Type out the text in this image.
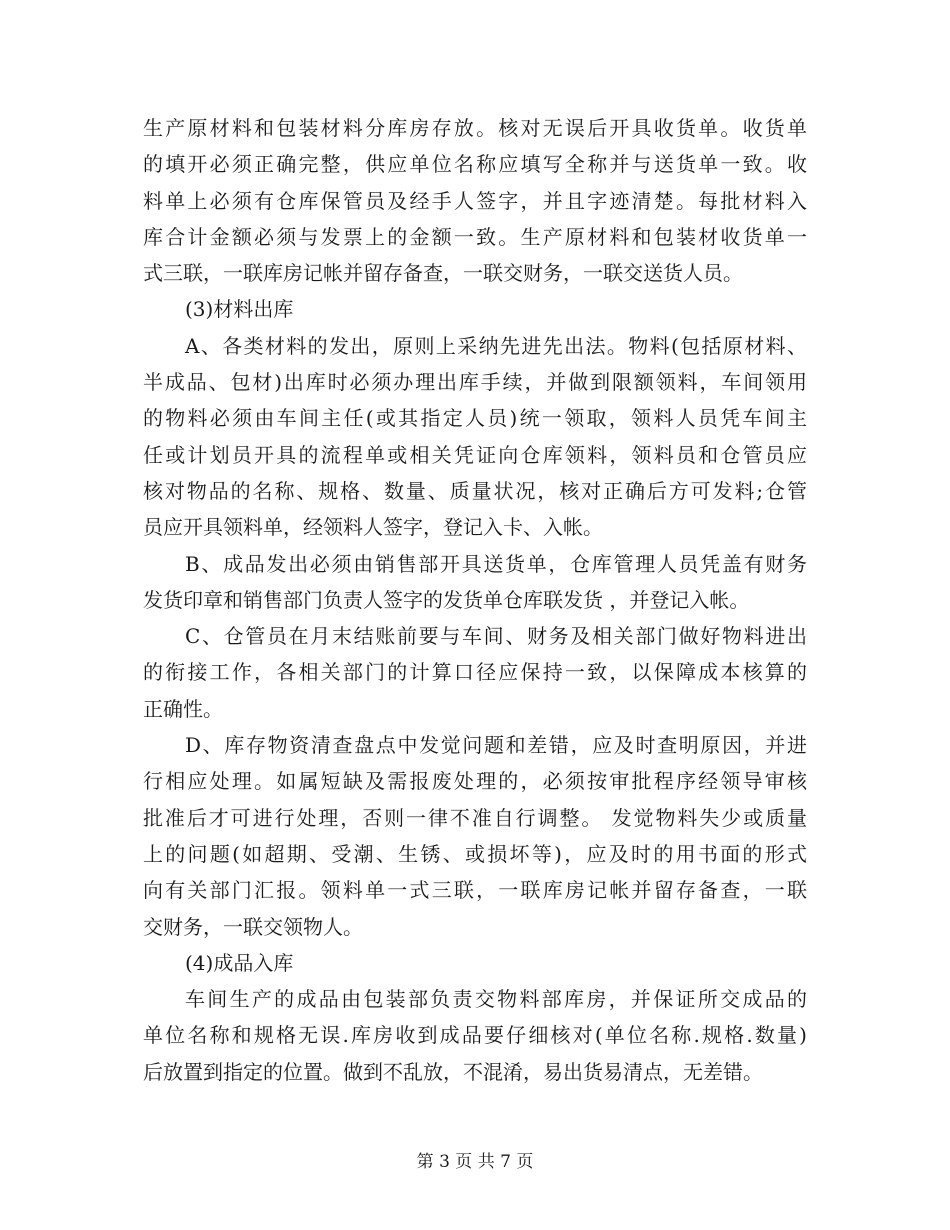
生产原材料和包装材料分库房存放。核对无误后开具收货单。收货单
的填开必须正确完整，供应单位名称应填写全称并与送货单一致。收
料单上必须有仓库保管员及经手人签字，并且字迹清楚。每批材料入
库合计金额必须与发票上的金额一致。生产原材料和包装材收货单一
式三联，一联库房记帐并留存备查，一联交财务，一联交送货人员。
(3)材料出库
A、各类材料的发出，原则上采纳先进先出法。物料(包括原材料、
半成品、包材)出库时必须办理出库手续，并做到限额领料，车间领用
的物料必须由车间主任(或其指定人员)统一领取，领料人员凭车间主
任或计划员开具的流程单或相关凭证向仓库领料，领料员和仓管员应
核对物品的名称、规格、数量、质量状况，核对正确后方可发料;仓管
员应开具领料单，经领料人签字，登记入卡、入帐。
B、成品发出必须由销售部开具送货单，仓库管理人员凭盖有财务
发货印章和销售部门负责人签字的发货单仓库联发货 ，并登记入帐。
C、仓管员在月末结账前要与车间、财务及相关部门做好物料进出
的衔接工作，各相关部门的计算口径应保持一致，以保障成本核算的
正确性。
D、库存物资清查盘点中发觉问题和差错，应及时查明原因，并进
行相应处理。如属短缺及需报废处理的，必须按审批程序经领导审核
批准后才可进行处理，否则一律不准自行调整。 发觉物料失少或质量
上的问题(如超期、受潮、生锈、或损坏等)，应及时的用书面的形式
向有关部门汇报。领料单一式三联，一联库房记帐并留存备查，一联
交财务，一联交领物人。
(4)成品入库
车间生产的成品由包装部负责交物料部库房，并保证所交成品的
单位名称和规格无误.库房收到成品要仔细核对(单位名称.规格.数量)
后放置到指定的位置。做到不乱放，不混淆，易出货易清点，无差错。
第 3 页 共 7 页
